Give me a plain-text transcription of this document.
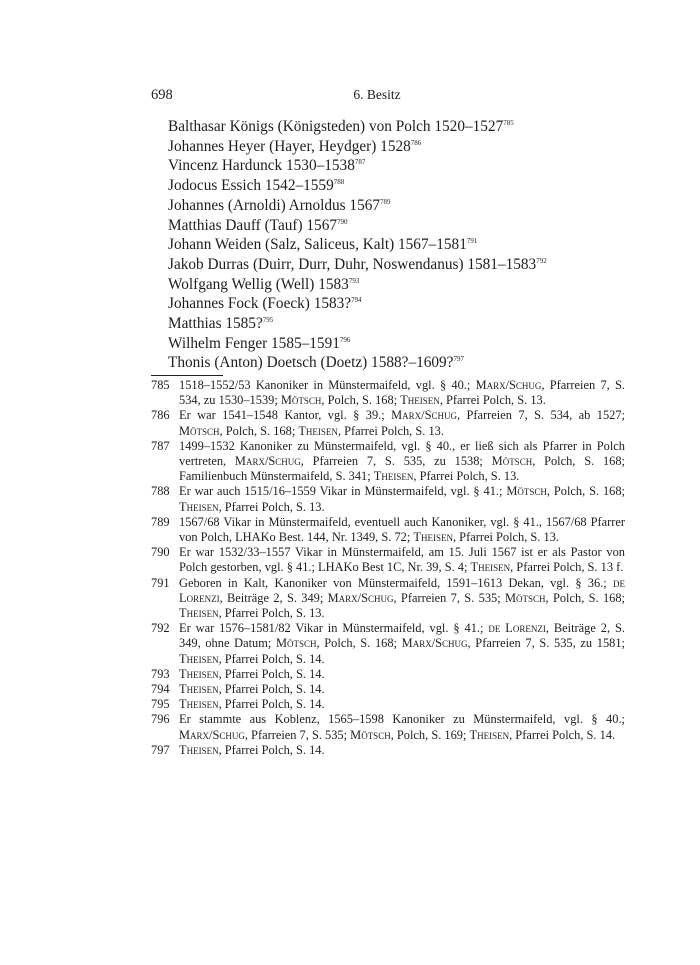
698	6. Besitz
Balthasar Königs (Königsteden) von Polch 1520–1527$^{785}$
Johannes Heyer (Hayer, Heydger) 1528$^{786}$
Vincenz Hardunck 1530–1538$^{787}$
Jodocus Essich 1542–1559$^{788}$
Johannes (Arnoldi) Arnoldus 1567$^{789}$
Matthias Dauff (Tauf) 1567$^{790}$
Johann Weiden (Salz, Saliceus, Kalt) 1567–1581$^{791}$
Jakob Durras (Duirr, Durr, Duhr, Noswendanus) 1581–1583$^{792}$
Wolfgang Wellig (Well) 1583$^{793}$
Johannes Fock (Foeck) 1583?$^{794}$
Matthias 1585?$^{795}$
Wilhelm Fenger 1585–1591$^{796}$
Thonis (Anton) Doetsch (Doetz) 1588?–1609?$^{797}$
785 1518–1552/53 Kanoniker in Münstermaifeld, vgl. § 40.; Marx/Schug, Pfarreien 7, S. 534, zu 1530–1539; Mötsch, Polch, S. 168; Theisen, Pfarrei Polch, S. 13.
786 Er war 1541–1548 Kantor, vgl. § 39.; Marx/Schug, Pfarreien 7, S. 534, ab 1527; Mötsch, Polch, S. 168; Theisen, Pfarrei Polch, S. 13.
787 1499–1532 Kanoniker zu Münstermaifeld, vgl. § 40., er ließ sich als Pfarrer in Polch vertreten, Marx/Schug, Pfarreien 7, S. 535, zu 1538; Mötsch, Polch, S. 168; Familienbuch Münstermaifeld, S. 341; Theisen, Pfarrei Polch, S. 13.
788 Er war auch 1515/16–1559 Vikar in Münstermaifeld, vgl. § 41.; Mötsch, Polch, S. 168; Theisen, Pfarrei Polch, S. 13.
789 1567/68 Vikar in Münstermaifeld, eventuell auch Kanoniker, vgl. § 41., 1567/68 Pfarrer von Polch, LHAKo Best. 144, Nr. 1349, S. 72; Theisen, Pfarrei Polch, S. 13.
790 Er war 1532/33–1557 Vikar in Münstermaifeld, am 15. Juli 1567 ist er als Pastor von Polch gestorben, vgl. § 41.; LHAKo Best 1C, Nr. 39, S. 4; Theisen, Pfarrei Polch, S. 13 f.
791 Geboren in Kalt, Kanoniker von Münstermaifeld, 1591–1613 Dekan, vgl. § 36.; de Lorenzi, Beiträge 2, S. 349; Marx/Schug, Pfarreien 7, S. 535; Mötsch, Polch, S. 168; Theisen, Pfarrei Polch, S. 13.
792 Er war 1576–1581/82 Vikar in Münstermaifeld, vgl. § 41.; de Lorenzi, Beiträge 2, S. 349, ohne Datum; Mötsch, Polch, S. 168; Marx/Schug, Pfarreien 7, S. 535, zu 1581; Theisen, Pfarrei Polch, S. 14.
793 Theisen, Pfarrei Polch, S. 14.
794 Theisen, Pfarrei Polch, S. 14.
795 Theisen, Pfarrei Polch, S. 14.
796 Er stammte aus Koblenz, 1565–1598 Kanoniker zu Münstermaifeld, vgl. § 40.; Marx/Schug, Pfarreien 7, S. 535; Mötsch, Polch, S. 169; Theisen, Pfarrei Polch, S. 14.
797 Theisen, Pfarrei Polch, S. 14.
